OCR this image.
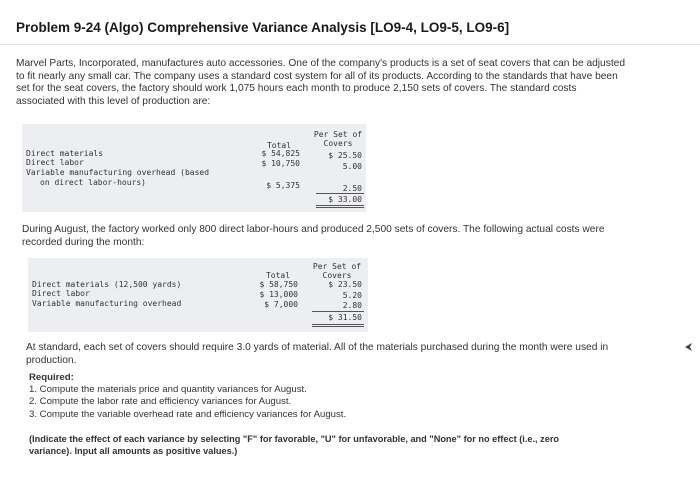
Problem 9-24 (Algo) Comprehensive Variance Analysis [LO9-4, LO9-5, LO9-6]
Marvel Parts, Incorporated, manufactures auto accessories. One of the company's products is a set of seat covers that can be adjusted
to fit nearly any small car. The company uses a standard cost system for all of its products. According to the standards that have been
set for the seat covers, the factory should work 1,075 hours each month to produce 2,150 sets of covers. The standard costs
associated with this level of production are:
Per Set of
Covers
Total
Direct materials	$ 54,825	$ 25.50
Direct labor	$ 10,750	5.00
Variable manufacturing overhead (based
on direct labor-hours)	$ 5,375	2.50
$ 33.00
During August, the factory worked only 800 direct labor-hours and produced 2,500 sets of covers. The following actual costs were
recorded during the month:
Per Set of
Covers
Total
Direct materials (12,500 yards)	$ 58,750	$ 23.50
Direct labor	$ 13,000	5.20
Variable manufacturing overhead	$ 7,000	2.80
$ 31.50
At standard, each set of covers should require 3.0 yards of material. All of the materials purchased during the month were used in
production.
Required:
1. Compute the materials price and quantity variances for August.
2. Compute the labor rate and efficiency variances for August.
3. Compute the variable overhead rate and efficiency variances for August.
(Indicate the effect of each variance by selecting "F" for favorable, "U" for unfavorable, and "None" for no effect (i.e., zero
variance). Input all amounts as positive values.)
